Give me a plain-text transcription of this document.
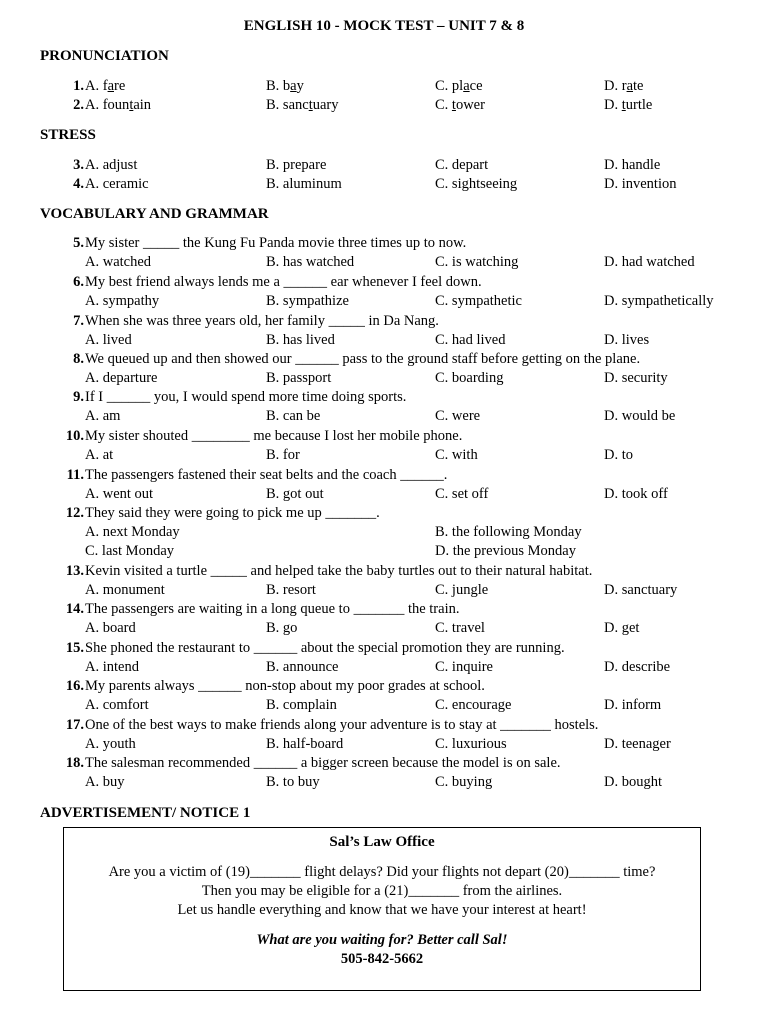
ENGLISH 10 - MOCK TEST – UNIT 7 & 8
PRONUNCIATION
1. A. fare	B. bay	C. place	D. rate
2. A. fountain	B. sanctuary	C. tower	D. turtle
STRESS
3. A. adjust	B. prepare	C. depart	D. handle
4. A. ceramic	B. aluminum	C. sightseeing	D. invention
VOCABULARY AND GRAMMAR
5. My sister _____ the Kung Fu Panda movie three times up to now.
A. watched	B. has watched	C. is watching	D. had watched
6. My best friend always lends me a ______ ear whenever I feel down.
A. sympathy	B. sympathize	C. sympathetic	D. sympathetically
7. When she was three years old, her family _____ in Da Nang.
A. lived	B. has lived	C. had lived	D. lives
8. We queued up and then showed our ______ pass to the ground staff before getting on the plane.
A. departure	B. passport	C. boarding	D. security
9. If I ______ you, I would spend more time doing sports.
A. am	B. can be	C. were	D. would be
10. My sister shouted ________ me because I lost her mobile phone.
A. at	B. for	C. with	D. to
11. The passengers fastened their seat belts and the coach ______.
A. went out	B. got out	C. set off	D. took off
12. They said they were going to pick me up _______.
A. next Monday	B. the following Monday
C. last Monday	D. the previous Monday
13. Kevin visited a turtle _____ and helped take the baby turtles out to their natural habitat.
A. monument	B. resort	C. jungle	D. sanctuary
14. The passengers are waiting in a long queue to _______ the train.
A. board	B. go	C. travel	D. get
15. She phoned the restaurant to ______ about the special promotion they are running.
A. intend	B. announce	C. inquire	D. describe
16. My parents always ______ non-stop about my poor grades at school.
A. comfort	B. complain	C. encourage	D. inform
17. One of the best ways to make friends along your adventure is to stay at _______ hostels.
A. youth	B. half-board	C. luxurious	D. teenager
18. The salesman recommended ______ a bigger screen because the model is on sale.
A. buy	B. to buy	C. buying	D. bought
ADVERTISEMENT/ NOTICE 1
Sal’s Law Office
Are you a victim of (19)_______ flight delays? Did your flights not depart (20)_______ time?
Then you may be eligible for a (21)_______ from the airlines.
Let us handle everything and know that we have your interest at heart!
What are you waiting for? Better call Sal!
505-842-5662
